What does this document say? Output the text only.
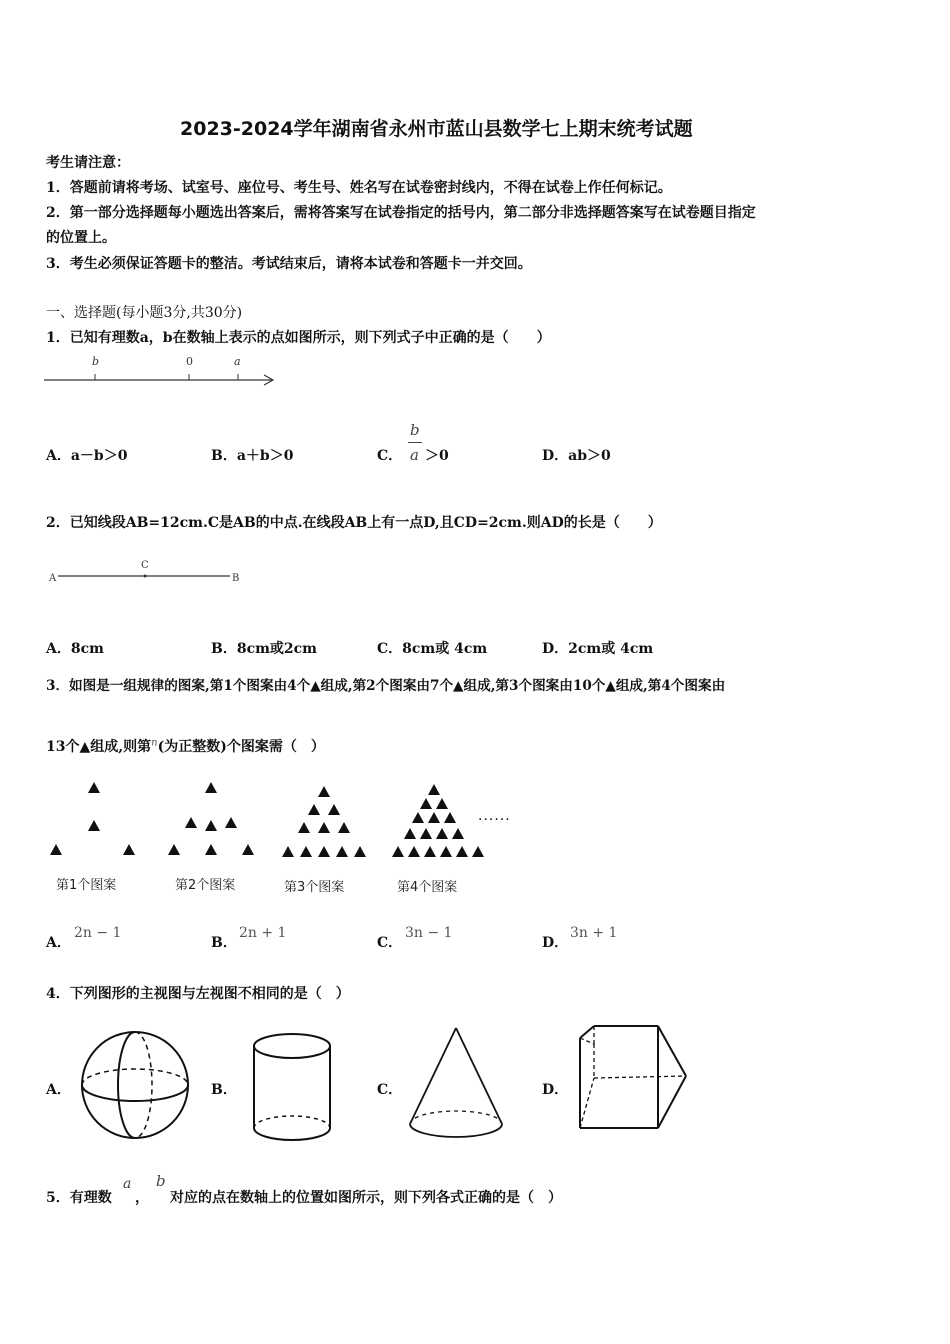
2023-2024学年湖南省永州市蓝山县数学七上期末统考试题
考生请注意：
1．答题前请将考场、试室号、座位号、考生号、姓名写在试卷密封线内，不得在试卷上作任何标记。
2．第一部分选择题每小题选出答案后，需将答案写在试卷指定的括号内，第二部分非选择题答案写在试卷题目指定
的位置上。
3．考生必须保证答题卡的整洁。考试结束后，请将本试卷和答题卡一并交回。
一、选择题(每小题3分,共30分)
1．已知有理数a，b在数轴上表示的点如图所示，则下列式子中正确的是（　　）
b	0	a
A．a－b＞0	B．a＋b＞0	C．
b
a ＞0	D．ab＞0
2．已知线段AB=12cm.C是AB的中点.在线段AB上有一点D,且CD=2cm.则AD的长是（　　）
A
C
B
A．8cm	B．8cm或2cm	C．8cm或 4cm	D．2cm或 4cm
3．如图是一组规律的图案,第1个图案由4个▲组成,第2个图案由7个▲组成,第3个图案由10个▲组成,第4个图案由
13个▲组成,则第$^n$(为正整数)个图案需（　）
······
第1个图案	第2个图案	第3个图案	第4个图案
A．
2n − 1
B．
2n + 1
C．
3n − 1
D．
3n + 1
4．下列图形的主视图与左视图不相同的是（　）
A．	B．	C．	D．
5．有理数
a
，
b
对应的点在数轴上的位置如图所示，则下列各式正确的是（　）
